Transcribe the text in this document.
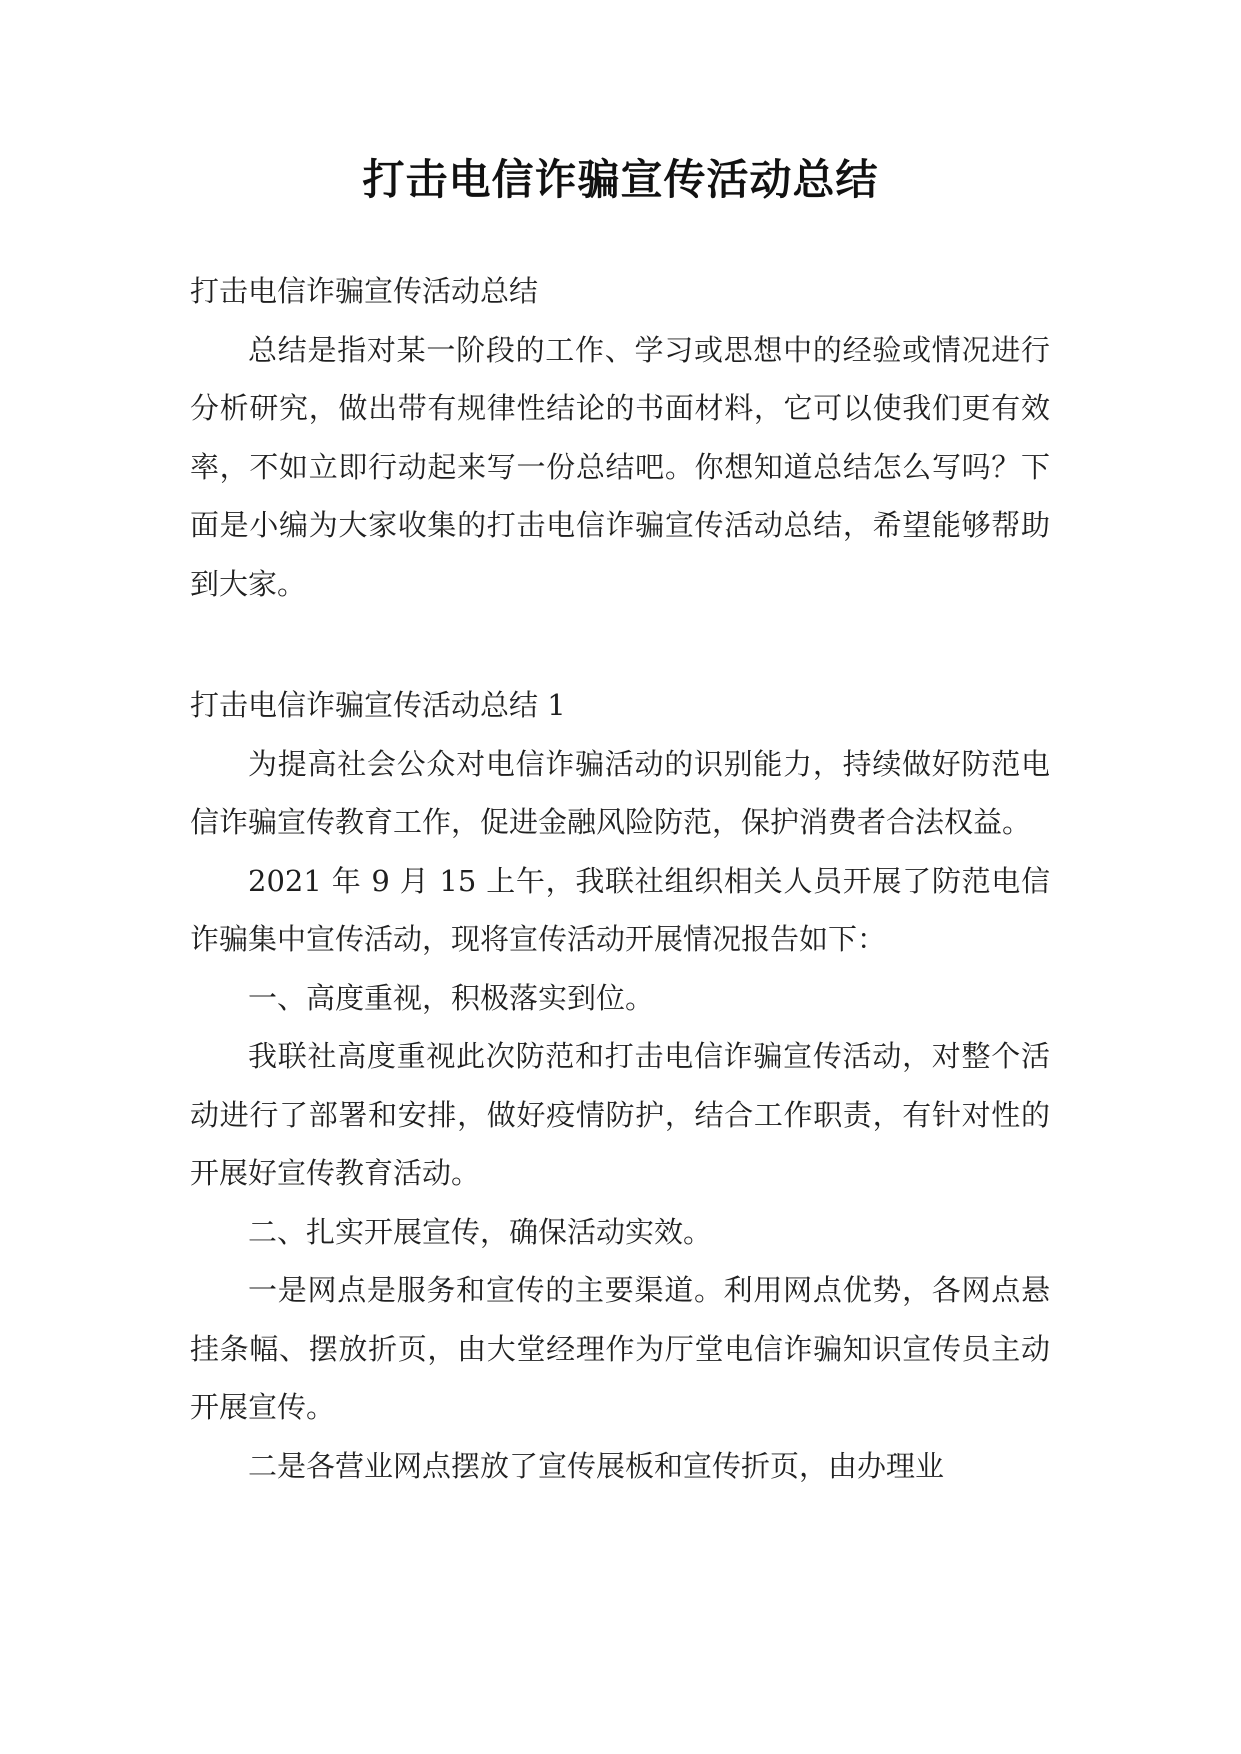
打击电信诈骗宣传活动总结

打击电信诈骗宣传活动总结

总结是指对某一阶段的工作、学习或思想中的经验或情况进行分析研究，做出带有规律性结论的书面材料，它可以使我们更有效率，不如立即行动起来写一份总结吧。你想知道总结怎么写吗？下面是小编为大家收集的打击电信诈骗宣传活动总结，希望能够帮助到大家。

打击电信诈骗宣传活动总结 1

为提高社会公众对电信诈骗活动的识别能力，持续做好防范电信诈骗宣传教育工作，促进金融风险防范，保护消费者合法权益。

2021 年 9 月 15 上午，我联社组织相关人员开展了防范电信诈骗集中宣传活动，现将宣传活动开展情况报告如下：

一、高度重视，积极落实到位。

我联社高度重视此次防范和打击电信诈骗宣传活动，对整个活动进行了部署和安排，做好疫情防护，结合工作职责，有针对性的开展好宣传教育活动。

二、扎实开展宣传，确保活动实效。

一是网点是服务和宣传的主要渠道。利用网点优势，各网点悬挂条幅、摆放折页，由大堂经理作为厅堂电信诈骗知识宣传员主动开展宣传。

二是各营业网点摆放了宣传展板和宣传折页，由办理业
